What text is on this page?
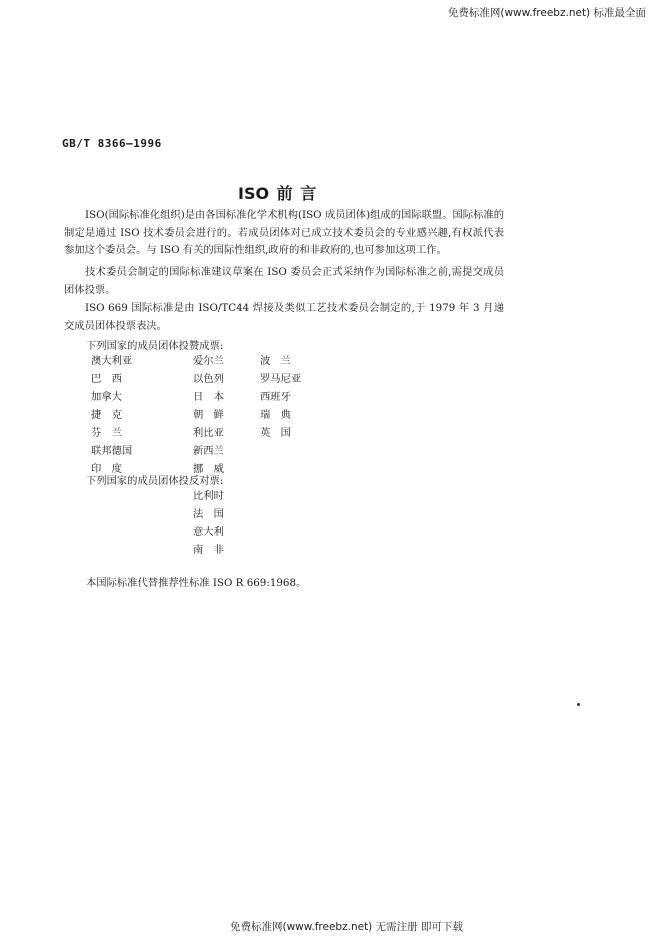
免费标准网(www.freebz.net) 标准最全面
GB/T 8366—1996
ISO 前 言

ISO(国际标准化组织)是由各国标准化学术机构(ISO 成员团体)组成的国际联盟。国际标准的制定是通过 ISO 技术委员会进行的。若成员团体对已成立技术委员会的专业感兴趣,有权派代表参加这个委员会。与 ISO 有关的国际性组织,政府的和非政府的,也可参加这项工作。

技术委员会制定的国际标准建议草案在 ISO 委员会正式采纳作为国际标准之前,需提交成员团体投票。

ISO 669 国际标准是由 ISO/TC44 焊接及类似工艺技术委员会制定的,于 1979 年 3 月递交成员团体投票表决。

下列国家的成员团体投赞成票:
澳大利亚
巴　西
加拿大
捷　克
芬　兰
联邦德国
印　度
爱尔兰
以色列
日　本
朝　鲜
利比亚
新西兰
挪　威
波　兰
罗马尼亚
西班牙
瑞　典
英　国
下列国家的成员团体投反对票:
比利时
法　国
意大利
南　非
本国际标准代替推荐性标准 ISO R 669:1968。
免费标准网(www.freebz.net) 无需注册 即可下载
